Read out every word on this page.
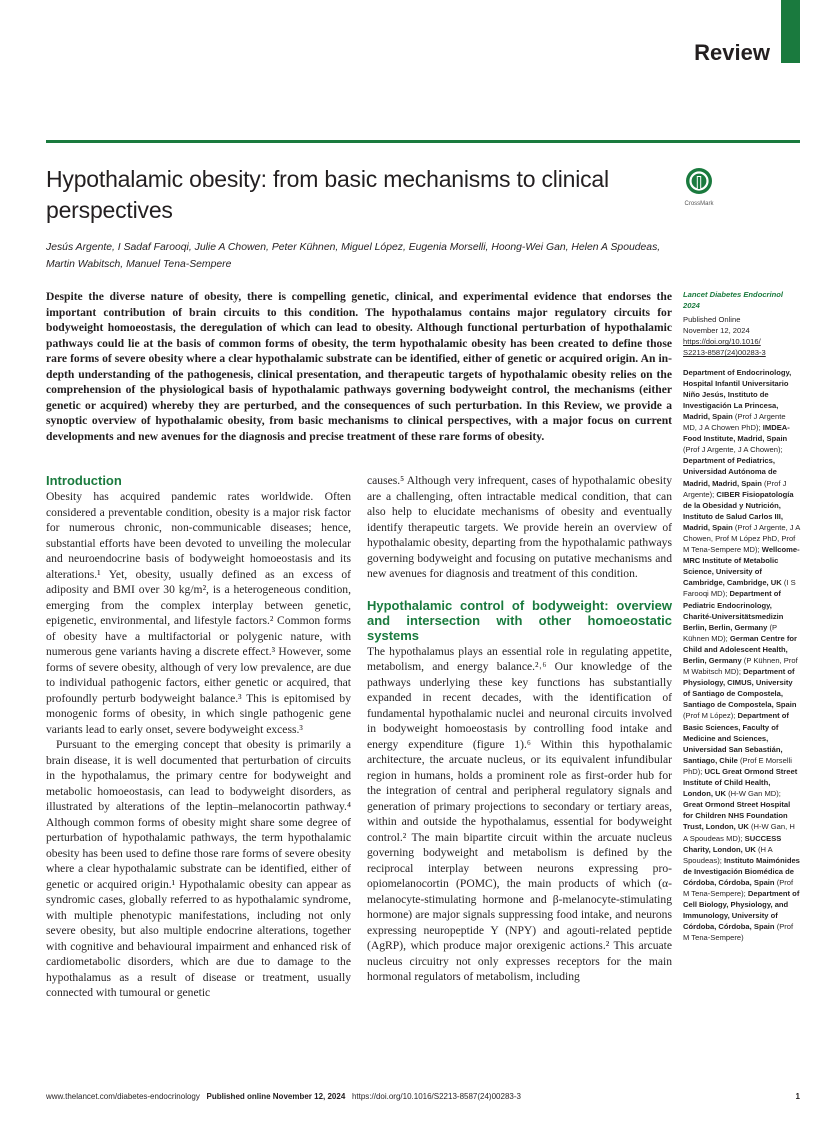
Review
Hypothalamic obesity: from basic mechanisms to clinical perspectives	CrossMark
Jesús Argente, I Sadaf Farooqi, Julie A Chowen, Peter Kühnen, Miguel López, Eugenia Morselli, Hoong-Wei Gan, Helen A Spoudeas, Martin Wabitsch, Manuel Tena-Sempere
Despite the diverse nature of obesity, there is compelling genetic, clinical, and experimental evidence that endorses the important contribution of brain circuits to this condition. The hypothalamus contains major regulatory circuits for bodyweight homoeostasis, the deregulation of which can lead to obesity. Although functional perturbation of hypothalamic pathways could lie at the basis of common forms of obesity, the term hypothalamic obesity has been created to define those rare forms of severe obesity where a clear hypothalamic substrate can be identified, either of genetic or acquired origin. An in-depth understanding of the pathogenesis, clinical presentation, and therapeutic targets of hypothalamic obesity relies on the comprehension of the physiological basis of hypothalamic pathways governing bodyweight control, the mechanisms (either genetic or acquired) whereby they are perturbed, and the consequences of such perturbation. In this Review, we provide a synoptic overview of hypothalamic obesity, from basic mechanisms to clinical perspectives, with a major focus on current developments and new avenues for the diagnosis and precise treatment of these rare forms of obesity.
Introduction

Obesity has acquired pandemic rates worldwide. Often considered a preventable condition, obesity is a major risk factor for numerous chronic, non-communicable diseases; hence, substantial efforts have been devoted to unveiling the molecular and neuroendocrine basis of bodyweight homoeostasis and its alterations.¹ Yet, obesity, usually defined as an excess of adiposity and BMI over 30 kg/m², is a heterogeneous condition, emerging from the complex interplay between genetic, epigenetic, environmental, and lifestyle factors.² Common forms of obesity have a multifactorial or polygenic nature, with numerous gene variants having a discrete effect.³ However, some forms of severe obesity, although of very low prevalence, are due to individual pathogenic factors, either genetic or acquired, that profoundly perturb bodyweight balance.³ This is epitomised by monogenic forms of obesity, in which single pathogenic gene variants lead to early onset, severe bodyweight excess.³

Pursuant to the emerging concept that obesity is primarily a brain disease, it is well documented that perturbation of circuits in the hypothalamus, the primary centre for bodyweight and metabolic homoeostasis, can lead to bodyweight disorders, as illustrated by alterations of the leptin–melanocortin pathway.⁴ Although common forms of obesity might share some degree of perturbation of hypothalamic pathways, the term hypothalamic obesity has been used to define those rare forms of severe obesity where a clear hypothalamic substrate can be identified, either of genetic or acquired origin.¹ Hypothalamic obesity can appear as syndromic cases, globally referred to as hypothalamic syndrome, with multiple phenotypic manifestations, including not only severe obesity, but also multiple endocrine alterations, together with cognitive and behavioural impairment and enhanced risk of cardiometabolic disorders, which are due to damage to the hypothalamus as a result of disease or treatment, usually connected with tumoural or genetic

causes.⁵ Although very infrequent, cases of hypothalamic obesity are a challenging, often intractable medical condition, that can also help to elucidate mechanisms of obesity and eventually identify therapeutic targets. We provide herein an overview of hypothalamic obesity, departing from the hypothalamic pathways governing bodyweight and focusing on putative mechanisms and new avenues for diagnosis and treatment of this condition.

Hypothalamic control of bodyweight: overview and intersection with other homoeostatic systems

The hypothalamus plays an essential role in regulating appetite, metabolism, and energy balance.²˒⁶ Our knowledge of the pathways underlying these key functions has substantially expanded in recent decades, with the identification of fundamental hypothalamic nuclei and neuronal circuits involved in bodyweight homoeostasis by controlling food intake and energy expenditure (figure 1).⁶ Within this hypothalamic architecture, the arcuate nucleus, or its equivalent infundibular region in humans, holds a prominent role as first-order hub for the integration of central and peripheral regulatory signals and generation of primary projections to secondary or tertiary areas, within and outside the hypothalamus, essential for bodyweight control.² The main bipartite circuit within the arcuate nucleus governing bodyweight and metabolism is defined by the reciprocal interplay between neurons expressing pro-opiomelanocortin (POMC), the main products of which (α-melanocyte-stimulating hormone and β-melanocyte-stimulating hormone) are major signals suppressing food intake, and neurons expressing neuropeptide Y (NPY) and agouti-related peptide (AgRP), which produce major orexigenic actions.² This arcuate nucleus circuitry not only expresses receptors for the main hormonal regulators of metabolism, including

Lancet Diabetes Endocrinol 2024
Published Online
November 12, 2024
https://doi.org/10.1016/
S2213-8587(24)00283-3
Department of Endocrinology, Hospital Infantil Universitario Niño Jesús, Instituto de Investigación La Princesa, Madrid, Spain (Prof J Argente MD, J A Chowen PhD); IMDEA-Food Institute, Madrid, Spain (Prof J Argente, J A Chowen); Department of Pediatrics, Universidad Autónoma de Madrid, Madrid, Spain (Prof J Argente); CIBER Fisiopatología de la Obesidad y Nutrición, Instituto de Salud Carlos III, Madrid, Spain (Prof J Argente, J A Chowen, Prof M López PhD, Prof M Tena-Sempere MD); Wellcome-MRC Institute of Metabolic Science, University of Cambridge, Cambridge, UK (I S Farooqi MD); Department of Pediatric Endocrinology, Charité-Universitätsmedizin Berlin, Berlin, Germany (P Kühnen MD); German Centre for Child and Adolescent Health, Berlin, Germany (P Kühnen, Prof M Wabitsch MD); Department of Physiology, CIMUS, University of Santiago de Compostela, Santiago de Compostela, Spain (Prof M López); Department of Basic Sciences, Faculty of Medicine and Sciences, Universidad San Sebastián, Santiago, Chile (Prof E Morselli PhD); UCL Great Ormond Street Institute of Child Health, London, UK (H-W Gan MD); Great Ormond Street Hospital for Children NHS Foundation Trust, London, UK (H-W Gan, H A Spoudeas MD); SUCCESS Charity, London, UK (H A Spoudeas); Instituto Maimónides de Investigación Biomédica de Córdoba, Córdoba, Spain (Prof M Tena-Sempere); Department of Cell Biology, Physiology, and Immunology, University of Córdoba, Córdoba, Spain (Prof M Tena-Sempere)
www.thelancet.com/diabetes-endocrinology Published online November 12, 2024 https://doi.org/10.1016/S2213-8587(24)00283-3	1
